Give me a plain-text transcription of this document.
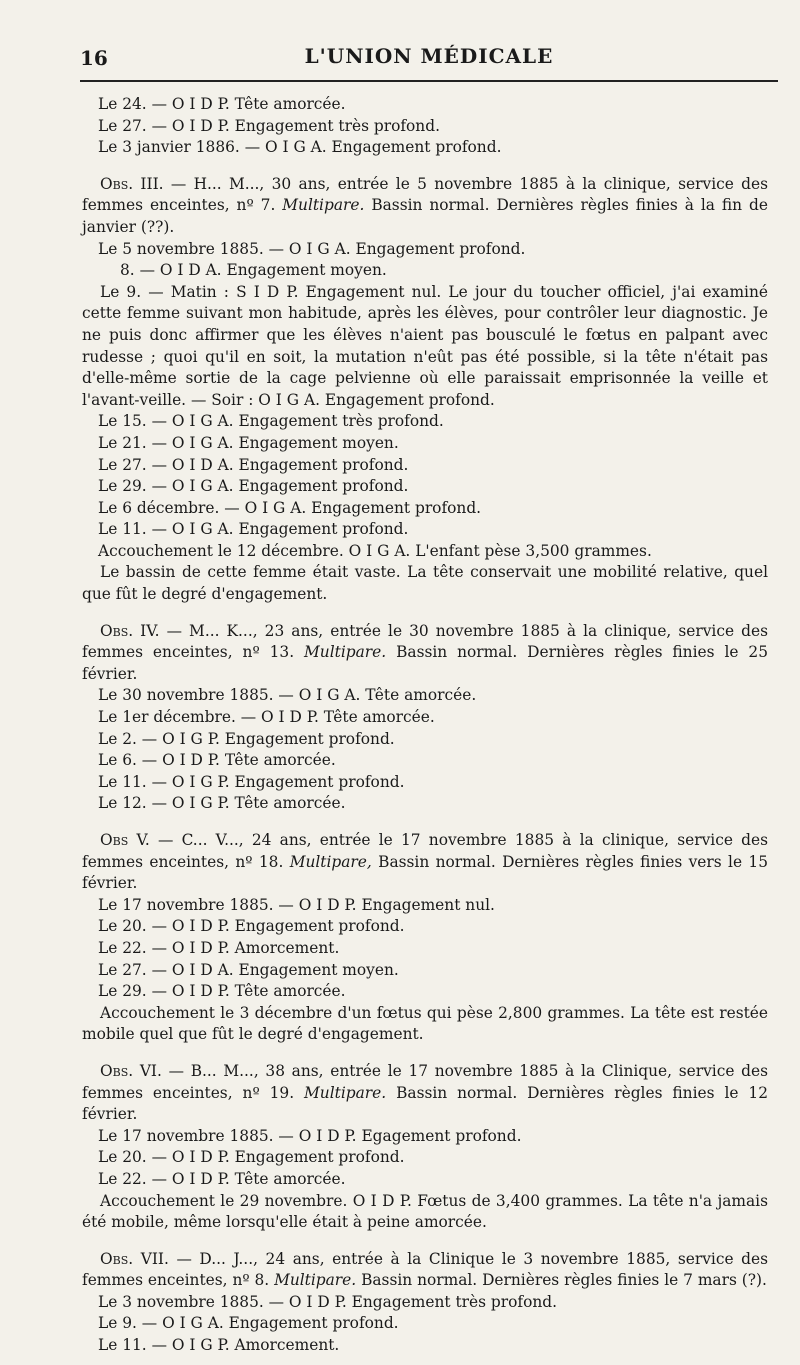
16	L'UNION MÉDICALE
Le 24. — O I D P. Tête amorcée.
Le 27. — O I D P. Engagement très profond.
Le 3 janvier 1886. — O I G A. Engagement profond.

Obs. III. — H... M..., 30 ans, entrée le 5 novembre 1885 à la clinique, service des femmes enceintes, nº 7. Multipare. Bassin normal. Dernières règles finies à la fin de janvier (??).

Le 5 novembre 1885. — O I G A. Engagement profond.
8. — O I D A. Engagement moyen.

Le 9. — Matin : S I D P. Engagement nul. Le jour du toucher officiel, j'ai examiné cette femme suivant mon habitude, après les élèves, pour contrôler leur diagnostic. Je ne puis donc affirmer que les élèves n'aient pas bousculé le fœtus en palpant avec rudesse ; quoi qu'il en soit, la mutation n'eût pas été possible, si la tête n'était pas d'elle-même sortie de la cage pelvienne où elle paraissait emprisonnée la veille et l'avant-veille. — Soir : O I G A. Engagement profond.

Le 15. — O I G A. Engagement très profond.
Le 21. — O I G A. Engagement moyen.
Le 27. — O I D A. Engagement profond.
Le 29. — O I G A. Engagement profond.
Le 6 décembre. — O I G A. Engagement profond.
Le 11. — O I G A. Engagement profond.
Accouchement le 12 décembre. O I G A. L'enfant pèse 3,500 grammes.

Le bassin de cette femme était vaste. La tête conservait une mobilité relative, quel que fût le degré d'engagement.

Obs. IV. — M... K..., 23 ans, entrée le 30 novembre 1885 à la clinique, service des femmes enceintes, nº 13. Multipare. Bassin normal. Dernières règles finies le 25 février.

Le 30 novembre 1885. — O I G A. Tête amorcée.
Le 1er décembre. — O I D P. Tête amorcée.
Le 2. — O I G P. Engagement profond.
Le 6. — O I D P. Tête amorcée.
Le 11. — O I G P. Engagement profond.
Le 12. — O I G P. Tête amorcée.

Obs V. — C... V..., 24 ans, entrée le 17 novembre 1885 à la clinique, service des femmes enceintes, nº 18. Multipare, Bassin normal. Dernières règles finies vers le 15 février.

Le 17 novembre 1885. — O I D P. Engagement nul.
Le 20. — O I D P. Engagement profond.
Le 22. — O I D P. Amorcement.
Le 27. — O I D A. Engagement moyen.
Le 29. — O I D P. Tête amorcée.

Accouchement le 3 décembre d'un fœtus qui pèse 2,800 grammes. La tête est restée mobile quel que fût le degré d'engagement.

Obs. VI. — B... M..., 38 ans, entrée le 17 novembre 1885 à la Clinique, service des femmes enceintes, nº 19. Multipare. Bassin normal. Dernières règles finies le 12 février.

Le 17 novembre 1885. — O I D P. Egagement profond.
Le 20. — O I D P. Engagement profond.
Le 22. — O I D P. Tête amorcée.

Accouchement le 29 novembre. O I D P. Fœtus de 3,400 grammes. La tête n'a jamais été mobile, même lorsqu'elle était à peine amorcée.

Obs. VII. — D... J..., 24 ans, entrée à la Clinique le 3 novembre 1885, service des femmes enceintes, nº 8. Multipare. Bassin normal. Dernières règles finies le 7 mars (?).

Le 3 novembre 1885. — O I D P. Engagement très profond.
Le 9. — O I G A. Engagement profond.
Le 11. — O I G P. Amorcement.
